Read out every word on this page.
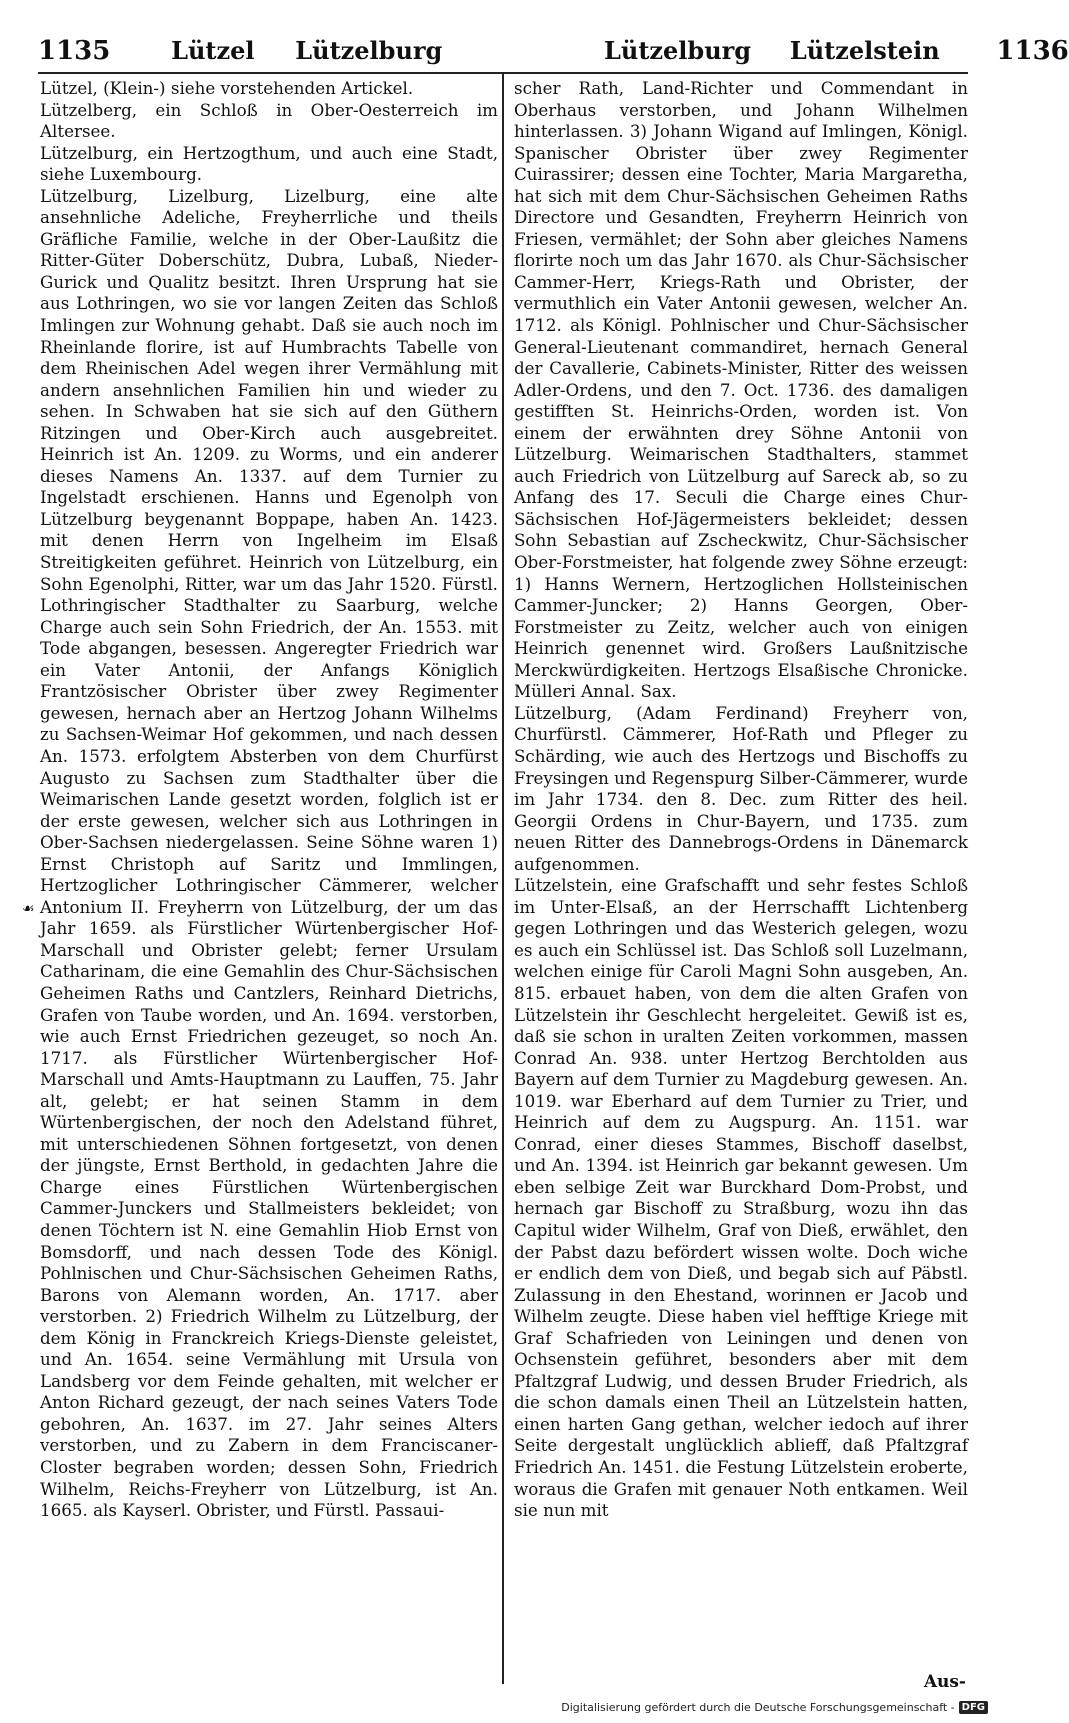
1135	Lützel Lützelburg	Lützelburg Lützelstein 1136
☙

Lützel, (Klein-) siehe vorstehenden Artickel.

Lützelberg, ein Schloß in Ober-Oesterreich im Altersee.

Lützelburg, ein Hertzogthum, und auch eine Stadt, siehe Luxembourg.

Lützelburg, Lizelburg, Lizelburg, eine alte ansehnliche Adeliche, Freyherrliche und theils Gräfliche Familie, welche in der Ober-Laußitz die Ritter-Güter Doberschütz, Dubra, Lubaß, Nieder-Gurick und Qualitz besitzt. Ihren Ursprung hat sie aus Lothringen, wo sie vor langen Zeiten das Schloß Imlingen zur Wohnung gehabt. Daß sie auch noch im Rheinlande florire, ist auf Humbrachts Tabelle von dem Rheinischen Adel wegen ihrer Vermählung mit andern ansehnlichen Familien hin und wieder zu sehen. In Schwaben hat sie sich auf den Güthern Ritzingen und Ober-Kirch auch ausgebreitet. Heinrich ist An. 1209. zu Worms, und ein anderer dieses Namens An. 1337. auf dem Turnier zu Ingelstadt erschienen. Hanns und Egenolph von Lützelburg beygenannt Boppape, haben An. 1423. mit denen Herrn von Ingelheim im Elsaß Streitigkeiten geführet. Heinrich von Lützelburg, ein Sohn Egenolphi, Ritter, war um das Jahr 1520. Fürstl. Lothringischer Stadthalter zu Saarburg, welche Charge auch sein Sohn Friedrich, der An. 1553. mit Tode abgangen, besessen. Angeregter Friedrich war ein Vater Antonii, der Anfangs Königlich Frantzösischer Obrister über zwey Regimenter gewesen, hernach aber an Hertzog Johann Wilhelms zu Sachsen-Weimar Hof gekommen, und nach dessen An. 1573. erfolgtem Absterben von dem Churfürst Augusto zu Sachsen zum Stadthalter über die Weimarischen Lande gesetzt worden, folglich ist er der erste gewesen, welcher sich aus Lothringen in Ober-Sachsen niedergelassen. Seine Söhne waren 1) Ernst Christoph auf Saritz und Immlingen, Hertzoglicher Lothringischer Cämmerer, welcher Antonium II. Freyherrn von Lützelburg, der um das Jahr 1659. als Fürstlicher Würtenbergischer Hof-Marschall und Obrister gelebt; ferner Ursulam Catharinam, die eine Gemahlin des Chur-Sächsischen Geheimen Raths und Cantzlers, Reinhard Dietrichs, Grafen von Taube worden, und An. 1694. verstorben, wie auch Ernst Friedrichen gezeuget, so noch An. 1717. als Fürstlicher Würtenbergischer Hof-Marschall und Amts-Hauptmann zu Lauffen, 75. Jahr alt, gelebt; er hat seinen Stamm in dem Würtenbergischen, der noch den Adelstand führet, mit unterschiedenen Söhnen fortgesetzt, von denen der jüngste, Ernst Berthold, in gedachten Jahre die Charge eines Fürstlichen Würtenbergischen Cammer-Junckers und Stallmeisters bekleidet; von denen Töchtern ist N. eine Gemahlin Hiob Ernst von Bomsdorff, und nach dessen Tode des Königl. Pohlnischen und Chur-Sächsischen Geheimen Raths, Barons von Alemann worden, An. 1717. aber verstorben. 2) Friedrich Wilhelm zu Lützelburg, der dem König in Franckreich Kriegs-Dienste geleistet, und An. 1654. seine Vermählung mit Ursula von Landsberg vor dem Feinde gehalten, mit welcher er Anton Richard gezeugt, der nach seines Vaters Tode gebohren, An. 1637. im 27. Jahr seines Alters verstorben, und zu Zabern in dem Franciscaner-Closter begraben worden; dessen Sohn, Friedrich Wilhelm, Reichs-Freyherr von Lützelburg, ist An. 1665. als Kayserl. Obrister, und Fürstl. Passaui-

scher Rath, Land-Richter und Commendant in Oberhaus verstorben, und Johann Wilhelmen hinterlassen. 3) Johann Wigand auf Imlingen, Königl. Spanischer Obrister über zwey Regimenter Cuirassirer; dessen eine Tochter, Maria Margaretha, hat sich mit dem Chur-Sächsischen Geheimen Raths Directore und Gesandten, Freyherrn Heinrich von Friesen, vermählet; der Sohn aber gleiches Namens florirte noch um das Jahr 1670. als Chur-Sächsischer Cammer-Herr, Kriegs-Rath und Obrister, der vermuthlich ein Vater Antonii gewesen, welcher An. 1712. als Königl. Pohlnischer und Chur-Sächsischer General-Lieutenant commandiret, hernach General der Cavallerie, Cabinets-Minister, Ritter des weissen Adler-Ordens, und den 7. Oct. 1736. des damaligen gestifften St. Heinrichs-Orden, worden ist. Von einem der erwähnten drey Söhne Antonii von Lützelburg. Weimarischen Stadthalters, stammet auch Friedrich von Lützelburg auf Sareck ab, so zu Anfang des 17. Seculi die Charge eines Chur-Sächsischen Hof-Jägermeisters bekleidet; dessen Sohn Sebastian auf Zscheckwitz, Chur-Sächsischer Ober-Forstmeister, hat folgende zwey Söhne erzeugt: 1) Hanns Wernern, Hertzoglichen Hollsteinischen Cammer-Juncker; 2) Hanns Georgen, Ober-Forstmeister zu Zeitz, welcher auch von einigen Heinrich genennet wird. Großers Laußnitzische Merckwürdigkeiten. Hertzogs Elsaßische Chronicke. Mülleri Annal. Sax.

Lützelburg, (Adam Ferdinand) Freyherr von, Churfürstl. Cämmerer, Hof-Rath und Pfleger zu Schärding, wie auch des Hertzogs und Bischoffs zu Freysingen und Regenspurg Silber-Cämmerer, wurde im Jahr 1734. den 8. Dec. zum Ritter des heil. Georgii Ordens in Chur-Bayern, und 1735. zum neuen Ritter des Dannebrogs-Ordens in Dänemarck aufgenommen.

Lützelstein, eine Grafschafft und sehr festes Schloß im Unter-Elsaß, an der Herrschafft Lichtenberg gegen Lothringen und das Westerich gelegen, wozu es auch ein Schlüssel ist. Das Schloß soll Luzelmann, welchen einige für Caroli Magni Sohn ausgeben, An. 815. erbauet haben, von dem die alten Grafen von Lützelstein ihr Geschlecht hergeleitet. Gewiß ist es, daß sie schon in uralten Zeiten vorkommen, massen Conrad An. 938. unter Hertzog Berchtolden aus Bayern auf dem Turnier zu Magdeburg gewesen. An. 1019. war Eberhard auf dem Turnier zu Trier, und Heinrich auf dem zu Augspurg. An. 1151. war Conrad, einer dieses Stammes, Bischoff daselbst, und An. 1394. ist Heinrich gar bekannt gewesen. Um eben selbige Zeit war Burckhard Dom-Probst, und hernach gar Bischoff zu Straßburg, wozu ihn das Capitul wider Wilhelm, Graf von Dieß, erwählet, den der Pabst dazu befördert wissen wolte. Doch wiche er endlich dem von Dieß, und begab sich auf Päbstl. Zulassung in den Ehestand, worinnen er Jacob und Wilhelm zeugte. Diese haben viel hefftige Kriege mit Graf Schafrieden von Leiningen und denen von Ochsenstein geführet, besonders aber mit dem Pfaltzgraf Ludwig, und dessen Bruder Friedrich, als die schon damals einen Theil an Lützelstein hatten, einen harten Gang gethan, welcher iedoch auf ihrer Seite dergestalt unglücklich ablieff, daß Pfaltzgraf Friedrich An. 1451. die Festung Lützelstein eroberte, woraus die Grafen mit genauer Noth entkamen. Weil sie nun mit

Aus-
Digitalisierung gefördert durch die Deutsche Forschungsgemeinschaft - DFG
